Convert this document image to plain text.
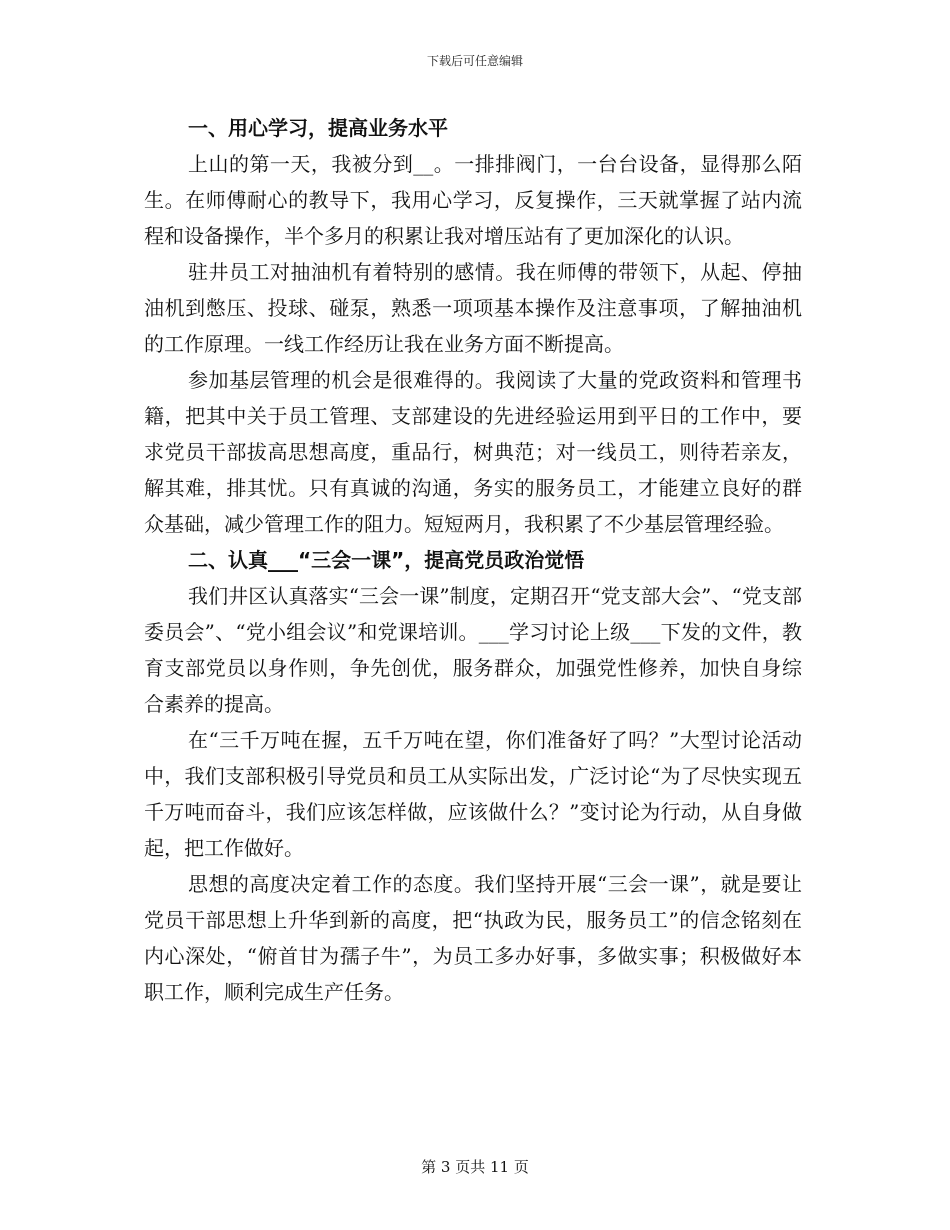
下载后可任意编辑

一、用心学习，提高业务水平

上山的第一天，我被分到__。一排排阀门，一台台设备，显得那么陌生。在师傅耐心的教导下，我用心学习，反复操作，三天就掌握了站内流程和设备操作，半个多月的积累让我对增压站有了更加深化的认识。

驻井员工对抽油机有着特别的感情。我在师傅的带领下，从起、停抽油机到憋压、投球、碰泵，熟悉一项项基本操作及注意事项，了解抽油机的工作原理。一线工作经历让我在业务方面不断提高。

参加基层管理的机会是很难得的。我阅读了大量的党政资料和管理书籍，把其中关于员工管理、支部建设的先进经验运用到平日的工作中，要求党员干部拔高思想高度，重品行，树典范；对一线员工，则待若亲友，解其难，排其忧。只有真诚的沟通，务实的服务员工，才能建立良好的群众基础，减少管理工作的阻力。短短两月，我积累了不少基层管理经验。

二、认真___“三会一课”，提高党员政治觉悟

我们井区认真落实“三会一课”制度，定期召开“党支部大会”、“党支部委员会”、“党小组会议”和党课培训。___学习讨论上级___下发的文件，教育支部党员以身作则，争先创优，服务群众，加强党性修养，加快自身综合素养的提高。

在“三千万吨在握，五千万吨在望，你们准备好了吗？”大型讨论活动中，我们支部积极引导党员和员工从实际出发，广泛讨论“为了尽快实现五千万吨而奋斗，我们应该怎样做，应该做什么？”变讨论为行动，从自身做起，把工作做好。

思想的高度决定着工作的态度。我们坚持开展“三会一课”，就是要让党员干部思想上升华到新的高度，把“执政为民，服务员工”的信念铭刻在内心深处，“俯首甘为孺子牛”，为员工多办好事，多做实事；积极做好本职工作，顺利完成生产任务。

第 3 页共 11 页
